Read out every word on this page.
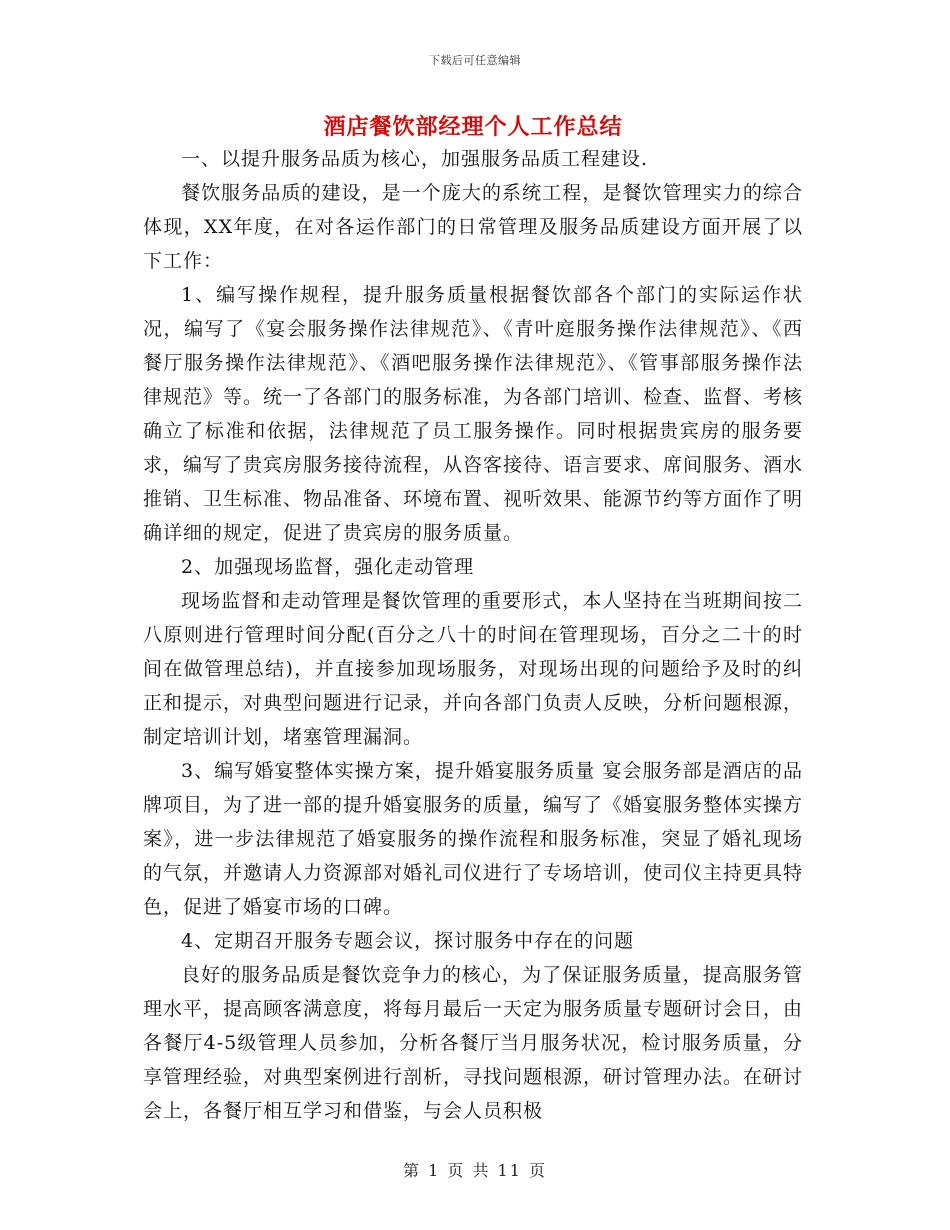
下载后可任意编辑
酒店餐饮部经理个人工作总结

一、以提升服务品质为核心，加强服务品质工程建设.

餐饮服务品质的建设，是一个庞大的系统工程，是餐饮管理实力的综合体现，XX年度，在对各运作部门的日常管理及服务品质建设方面开展了以下工作：

1、编写操作规程，提升服务质量根据餐饮部各个部门的实际运作状况，编写了《宴会服务操作法律规范》、《青叶庭服务操作法律规范》、《西餐厅服务操作法律规范》、《酒吧服务操作法律规范》、《管事部服务操作法律规范》等。统一了各部门的服务标准，为各部门培训、检查、监督、考核确立了标准和依据，法律规范了员工服务操作。同时根据贵宾房的服务要求，编写了贵宾房服务接待流程，从咨客接待、语言要求、席间服务、酒水推销、卫生标准、物品准备、环境布置、视听效果、能源节约等方面作了明确详细的规定，促进了贵宾房的服务质量。

2、加强现场监督，强化走动管理

现场监督和走动管理是餐饮管理的重要形式，本人坚持在当班期间按二八原则进行管理时间分配(百分之八十的时间在管理现场，百分之二十的时间在做管理总结)，并直接参加现场服务，对现场出现的问题给予及时的纠正和提示，对典型问题进行记录，并向各部门负责人反映，分析问题根源，制定培训计划，堵塞管理漏洞。

3、编写婚宴整体实操方案，提升婚宴服务质量 宴会服务部是酒店的品牌项目，为了进一部的提升婚宴服务的质量，编写了《婚宴服务整体实操方案》，进一步法律规范了婚宴服务的操作流程和服务标准，突显了婚礼现场的气氛，并邀请人力资源部对婚礼司仪进行了专场培训，使司仪主持更具特色，促进了婚宴市场的口碑。

4、定期召开服务专题会议，探讨服务中存在的问题

良好的服务品质是餐饮竞争力的核心，为了保证服务质量，提高服务管理水平，提高顾客满意度，将每月最后一天定为服务质量专题研讨会日，由各餐厅4-5级管理人员参加，分析各餐厅当月服务状况，检讨服务质量，分享管理经验，对典型案例进行剖析，寻找问题根源，研讨管理办法。在研讨会上，各餐厅相互学习和借鉴，与会人员积极

第 1 页 共 11 页
